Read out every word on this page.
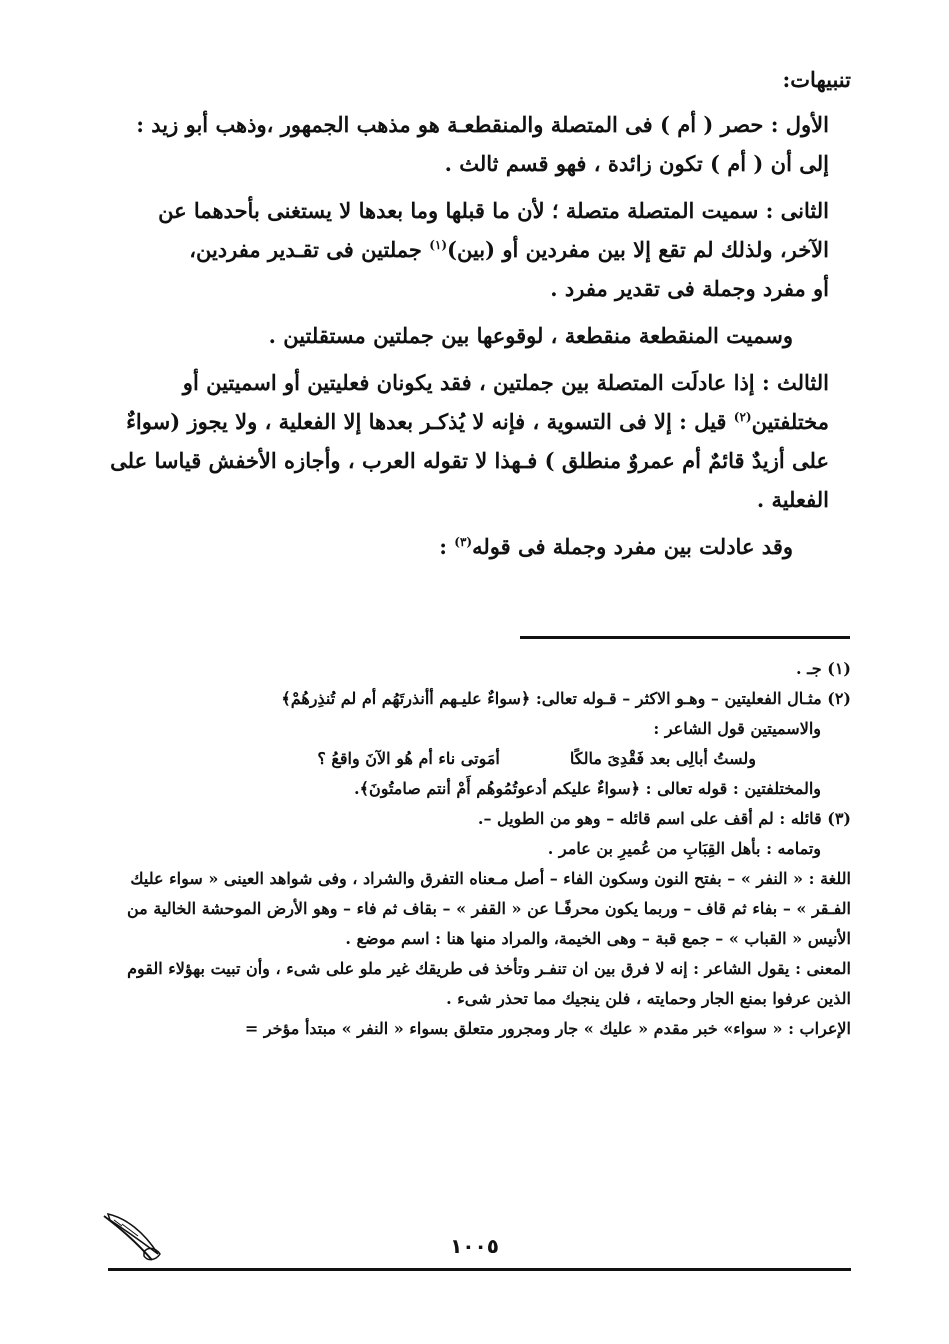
تنبيهات:

الأول : حصر ( أم ) فى المتصلة والمنقطعـة هو مذهب الجمهور ،وذهب أبو زيد : إلى أن ( أم ) تكون زائدة ، فهو قسم ثالث .

الثانى : سميت المتصلة متصلة ؛ لأن ما قبلها وما بعدها لا يستغنى بأحدهما عن الآخر، ولذلك لم تقع إلا بين مفردين أو (بين)$^{(١)}$ جملتين فى تقـدير مفردين،
أو مفرد وجملة فى تقدير مفرد .

وسميت المنقطعة منقطعة ، لوقوعها بين جملتين مستقلتين .

الثالث : إذا عادلَت المتصلة بين جملتين ، فقد يكونان فعليتين أو اسميتين أو مختلفتين$^{(٢)}$ قيل : إلا فى التسوية ، فإنه لا يُذكـر بعدها إلا الفعلية ، ولا يجوز (سواءٌ على أزيدٌ قائمٌ أم عمروٌ منطلق ) فـهذا لا تقوله العرب ، وأجازه الأخفش قياسا على الفعلية .

وقد عادلت بين مفرد وجملة فى قوله$^{(٣)}$ :

(١) جـ .

(٢) مثـال الفعليتين – وهـو الاكثر – قـوله تعالى: ﴿سواءٌ عليـهم أأنذرتَهُم أم لم تُنذِرهُمْ﴾

والاسميتين قول الشاعر :

ولستُ أبالِى بعد فَقْدِىَ مالكًا
أمَوتى ناء أم هُو الآنَ واقعُ ؟

والمختلفتين : قوله تعالى : ﴿سواءٌ عليكم أدعوتُمُوهُم أَمْ أنتم صامتُونَ﴾.

(٣) قائله : لم أقف على اسم قائله – وهو من الطويل –.

وتمامه : بأهل القِبَابِ من عُميرِ بن عامر .

اللغة : « النفر » – بفتح النون وسكون الفاء – أصل مـعناه التفرق والشراد ، وفى شواهد العينى « سواء عليك الفـقر » – بفاء ثم قاف – وربما يكون محرفًـا عن « القفر » – بقاف ثم فاء – وهو الأرض الموحشة الخالية من الأنيس « القباب » – جمع قبة – وهى الخيمة، والمراد منها هنا : اسم موضع .

المعنى : يقول الشاعر : إنه لا فرق بين ان تنفـر وتأخذ فى طريقك غير ملو على شىء ، وأن تبيت بهؤلاء القوم الذين عرفوا بمنع الجار وحمايته ، فلن ينجيك مما تحذر شىء .

الإعراب : « سواء» خبر مقدم « عليك » جار ومجرور متعلق بسواء « النفر » مبتدأ مؤخر =

١٠٠٥
